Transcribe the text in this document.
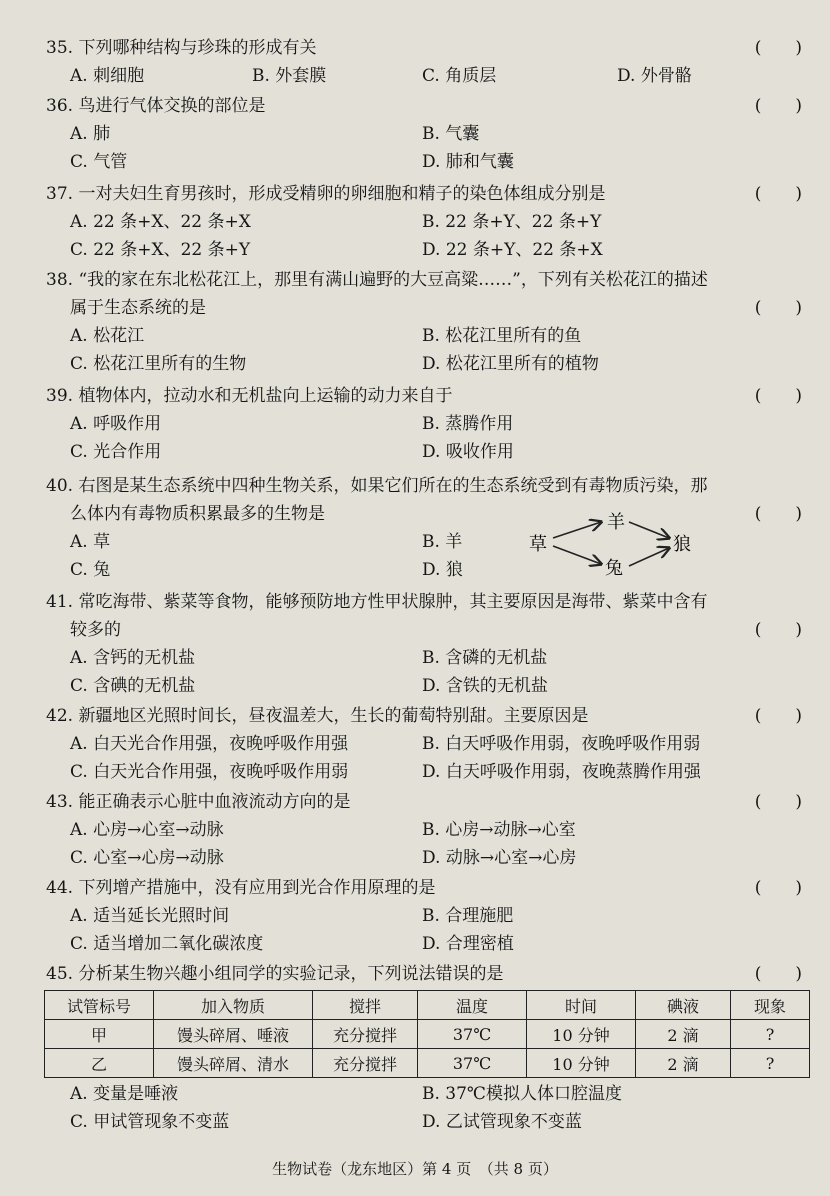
35. 下列哪种结构与珍珠的形成有关	(　　)
A. 刺细胞	B. 外套膜	C. 角质层	D. 外骨骼
36. 鸟进行气体交换的部位是	(　　)
A. 肺	B. 气囊
C. 气管	D. 肺和气囊
37. 一对夫妇生育男孩时，形成受精卵的卵细胞和精子的染色体组成分别是	(　　)
A. 22 条+X、22 条+X	B. 22 条+Y、22 条+Y
C. 22 条+X、22 条+Y	D. 22 条+Y、22 条+X
38. “我的家在东北松花江上，那里有满山遍野的大豆高粱……”，下列有关松花江的描述
属于生态系统的是	(　　)
A. 松花江	B. 松花江里所有的鱼
C. 松花江里所有的生物	D. 松花江里所有的植物
39. 植物体内，拉动水和无机盐向上运输的动力来自于	(　　)
A. 呼吸作用	B. 蒸腾作用
C. 光合作用	D. 吸收作用
40. 右图是某生态系统中四种生物关系，如果它们所在的生态系统受到有毒物质污染，那
么体内有毒物质积累最多的生物是	(　　)
A. 草	B. 羊
C. 兔	D. 狼
草
羊
兔
狼
41. 常吃海带、紫菜等食物，能够预防地方性甲状腺肿，其主要原因是海带、紫菜中含有
较多的	(　　)
A. 含钙的无机盐	B. 含磷的无机盐
C. 含碘的无机盐	D. 含铁的无机盐
42. 新疆地区光照时间长，昼夜温差大，生长的葡萄特别甜。主要原因是	(　　)
A. 白天光合作用强，夜晚呼吸作用强	B. 白天呼吸作用弱，夜晚呼吸作用弱
C. 白天光合作用强，夜晚呼吸作用弱	D. 白天呼吸作用弱，夜晚蒸腾作用强
43. 能正确表示心脏中血液流动方向的是	(　　)
A. 心房→心室→动脉	B. 心房→动脉→心室
C. 心室→心房→动脉	D. 动脉→心室→心房
44. 下列增产措施中，没有应用到光合作用原理的是	(　　)
A. 适当延长光照时间	B. 合理施肥
C. 适当增加二氧化碳浓度	D. 合理密植
45. 分析某生物兴趣小组同学的实验记录，下列说法错误的是	(　　)
试管标号	加入物质	搅拌	温度	时间	碘液	现象
甲	馒头碎屑、唾液	充分搅拌	37℃	10 分钟	2 滴	?
乙	馒头碎屑、清水	充分搅拌	37℃	10 分钟	2 滴	?
A. 变量是唾液	B. 37℃模拟人体口腔温度
C. 甲试管现象不变蓝	D. 乙试管现象不变蓝
生物试卷（龙东地区）第 4 页　（共 8 页）
